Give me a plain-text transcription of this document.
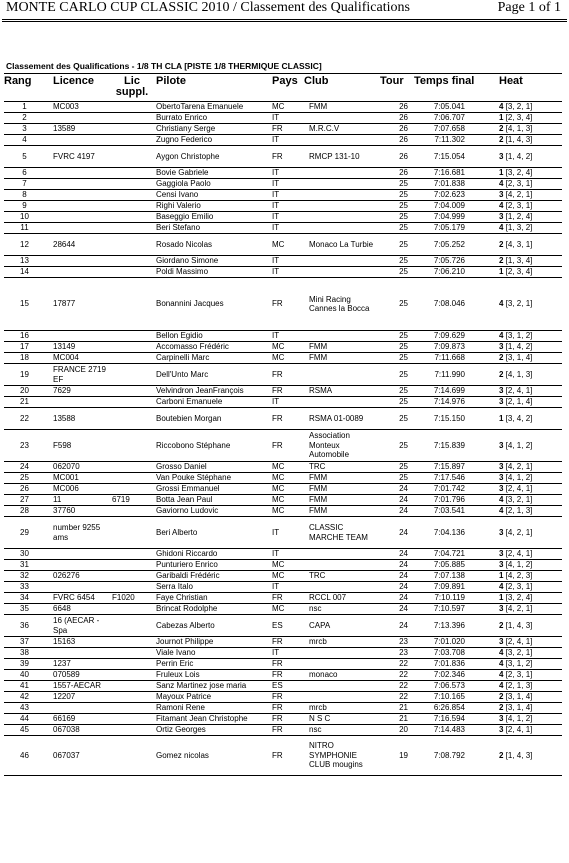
MONTE CARLO CUP CLASSIC 2010 / Classement des Qualifications	Page 1 of 1
Classement des Qualifications - 1/8 TH CLA [PISTE 1/8 THERMIQUE CLASSIC]
Rang	Licence	Lic suppl.	Pilote	Pays	Club	Tour	Temps final	Heat
1	MC003		ObertoTarena Emanuele	MC	FMM	26	7:05.041	4 [3, 2, 1]
2			Burrato Enrico	IT		26	7:06.707	1 [2, 3, 4]
3	13589		Christiany Serge	FR	M.R.C.V	26	7:07.658	2 [4, 1, 3]
4			Zugno Federico	IT		26	7:11.302	2 [1, 4, 3]
5	FVRC 4197		Aygon Christophe	FR	RMCP 131-10	26	7:15.054	3 [1, 4, 2]
6			Bovie Gabriele	IT		26	7:16.681	1 [3, 2, 4]
7			Gaggiola Paolo	IT		25	7:01.838	4 [2, 3, 1]
8			Censi Ivano	IT		25	7:02.623	3 [4, 2, 1]
9			Righi Valerio	IT		25	7:04.009	4 [2, 3, 1]
10			Baseggio Emilio	IT		25	7:04.999	3 [1, 2, 4]
11			Beri Stefano	IT		25	7:05.179	4 [1, 3, 2]
12	28644		Rosado Nicolas	MC	Monaco La Turbie	25	7:05.252	2 [4, 3, 1]
13			Giordano Simone	IT		25	7:05.726	2 [1, 3, 4]
14			Poldi Massimo	IT		25	7:06.210	1 [2, 3, 4]
15	17877		Bonannini Jacques	FR	Mini Racing Cannes la Bocca	25	7:08.046	4 [3, 2, 1]
16			Bellon Egidio	IT		25	7:09.629	4 [3, 1, 2]
17	13149		Accomasso Frédéric	MC	FMM	25	7:09.873	3 [1, 4, 2]
18	MC004		Carpinelli Marc	MC	FMM	25	7:11.668	2 [3, 1, 4]
19	FRANCE 2719 EF		Dell'Unto Marc	FR		25	7:11.990	2 [4, 1, 3]
20	7629		Velvindron JeanFrançois	FR	RSMA	25	7:14.699	3 [2, 4, 1]
21			Carboni Emanuele	IT		25	7:14.976	3 [2, 1, 4]
22	13588		Boutebien Morgan	FR	RSMA 01-0089	25	7:15.150	1 [3, 4, 2]
23	F598		Riccobono Stéphane	FR	Association Monteux Automobile	25	7:15.839	3 [4, 1, 2]
24	062070		Grosso Daniel	MC	TRC	25	7:15.897	3 [4, 2, 1]
25	MC001		Van Pouke Stéphane	MC	FMM	25	7:17.546	3 [4, 1, 2]
26	MC006		Grossi Emmanuel	MC	FMM	24	7:01.742	3 [2, 4, 1]
27	11	6719	Botta Jean Paul	MC	FMM	24	7:01.796	4 [3, 2, 1]
28	37760		Gaviorno Ludovic	MC	FMM	24	7:03.541	4 [2, 1, 3]
29	number 9255 ams		Beri Alberto	IT	CLASSIC MARCHE TEAM	24	7:04.136	3 [4, 2, 1]
30			Ghidoni Riccardo	IT		24	7:04.721	3 [2, 4, 1]
31			Punturiero Enrico	MC		24	7:05.885	3 [4, 1, 2]
32	026276		Garibaldi Frédéric	MC	TRC	24	7:07.138	1 [4, 2, 3]
33			Serra Italo	IT		24	7:09.891	4 [2, 3, 1]
34	FVRC 6454	F1020	Faye Christian	FR	RCCL 007	24	7:10.119	1 [3, 2, 4]
35	6648		Brincat Rodolphe	MC	nsc	24	7:10.597	3 [4, 2, 1]
36	16 (AECAR - Spa		Cabezas Alberto	ES	CAPA	24	7:13.396	2 [1, 4, 3]
37	15163		Journot Philippe	FR	mrcb	23	7:01.020	3 [2, 4, 1]
38			Viale Ivano	IT		23	7:03.708	4 [3, 2, 1]
39	1237		Perrin Eric	FR		22	7:01.836	4 [3, 1, 2]
40	070589		Fruleux Lois	FR	monaco	22	7:02.346	4 [2, 3, 1]
41	1557-AECAR		Sanz Martinez jose maria	ES		22	7:06.573	4 [2, 1, 3]
42	12207		Mayoux Patrice	FR		22	7:10.165	2 [3, 1, 4]
43			Ramoni Rene	FR	mrcb	21	6:26.854	2 [3, 1, 4]
44	66169		Fitamant Jean Christophe	FR	N S C	21	7:16.594	3 [4, 1, 2]
45	067038		Ortiz Georges	FR	nsc	20	7:14.483	3 [2, 4, 1]
46	067037		Gomez nicolas	FR	NITRO SYMPHONIE CLUB mougins	19	7:08.792	2 [1, 4, 3]
